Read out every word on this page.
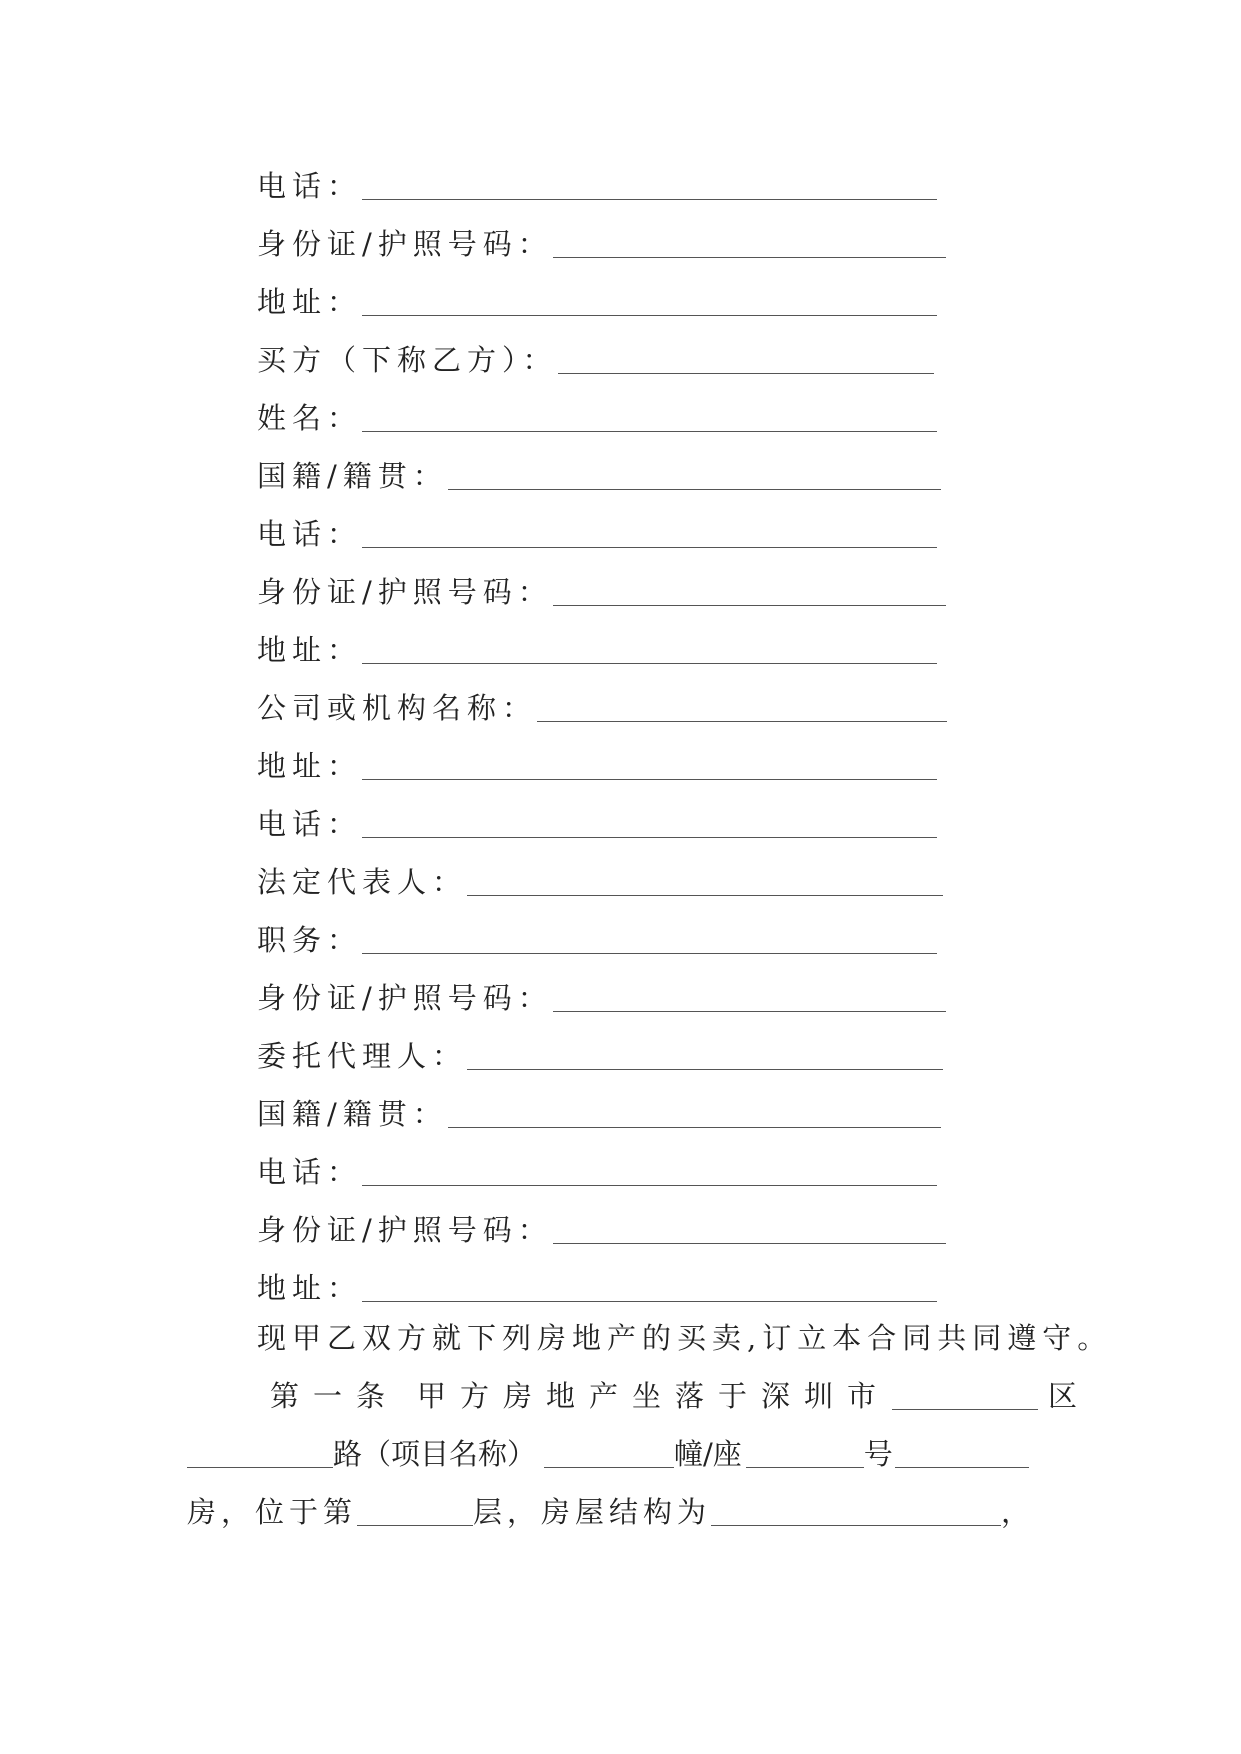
电话：
身份证/护照号码：
地址：
买方（下称乙方）：
姓名：
国籍/籍贯：
电话：
身份证/护照号码：
地址：
公司或机构名称：
地址：
电话：
法定代表人：
职务：
身份证/护照号码：
委托代理人：
国籍/籍贯：
电话：
身份证/护照号码：
地址：
现甲乙双方就下列房地产的买卖,订立本合同共同遵守。
第一条 甲方房地产坐落于深圳市	区
路（项目名称）	幢/座	号
房，位于第	层，房屋结构为	，
